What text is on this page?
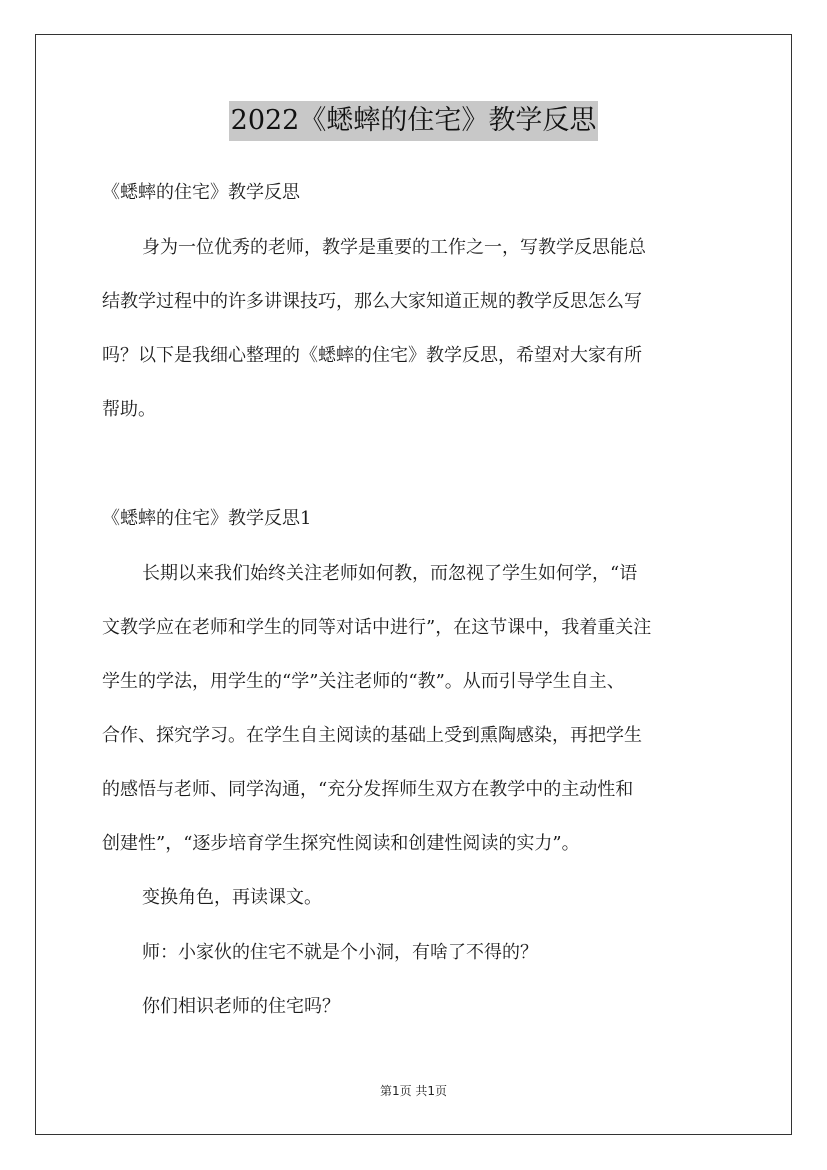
2022《蟋蟀的住宅》教学反思
《蟋蟀的住宅》教学反思
身为一位优秀的老师，教学是重要的工作之一，写教学反思能总
结教学过程中的许多讲课技巧，那么大家知道正规的教学反思怎么写
吗？以下是我细心整理的《蟋蟀的住宅》教学反思，希望对大家有所
帮助。
《蟋蟀的住宅》教学反思1
长期以来我们始终关注老师如何教，而忽视了学生如何学，“语
文教学应在老师和学生的同等对话中进行”，在这节课中，我着重关注
学生的学法，用学生的“学”关注老师的“教”。从而引导学生自主、
合作、探究学习。在学生自主阅读的基础上受到熏陶感染，再把学生
的感悟与老师、同学沟通，“充分发挥师生双方在教学中的主动性和
创建性”，“逐步培育学生探究性阅读和创建性阅读的实力”。
变换角色，再读课文。
师：小家伙的住宅不就是个小洞，有啥了不得的？
你们相识老师的住宅吗？
第1页 共1页
